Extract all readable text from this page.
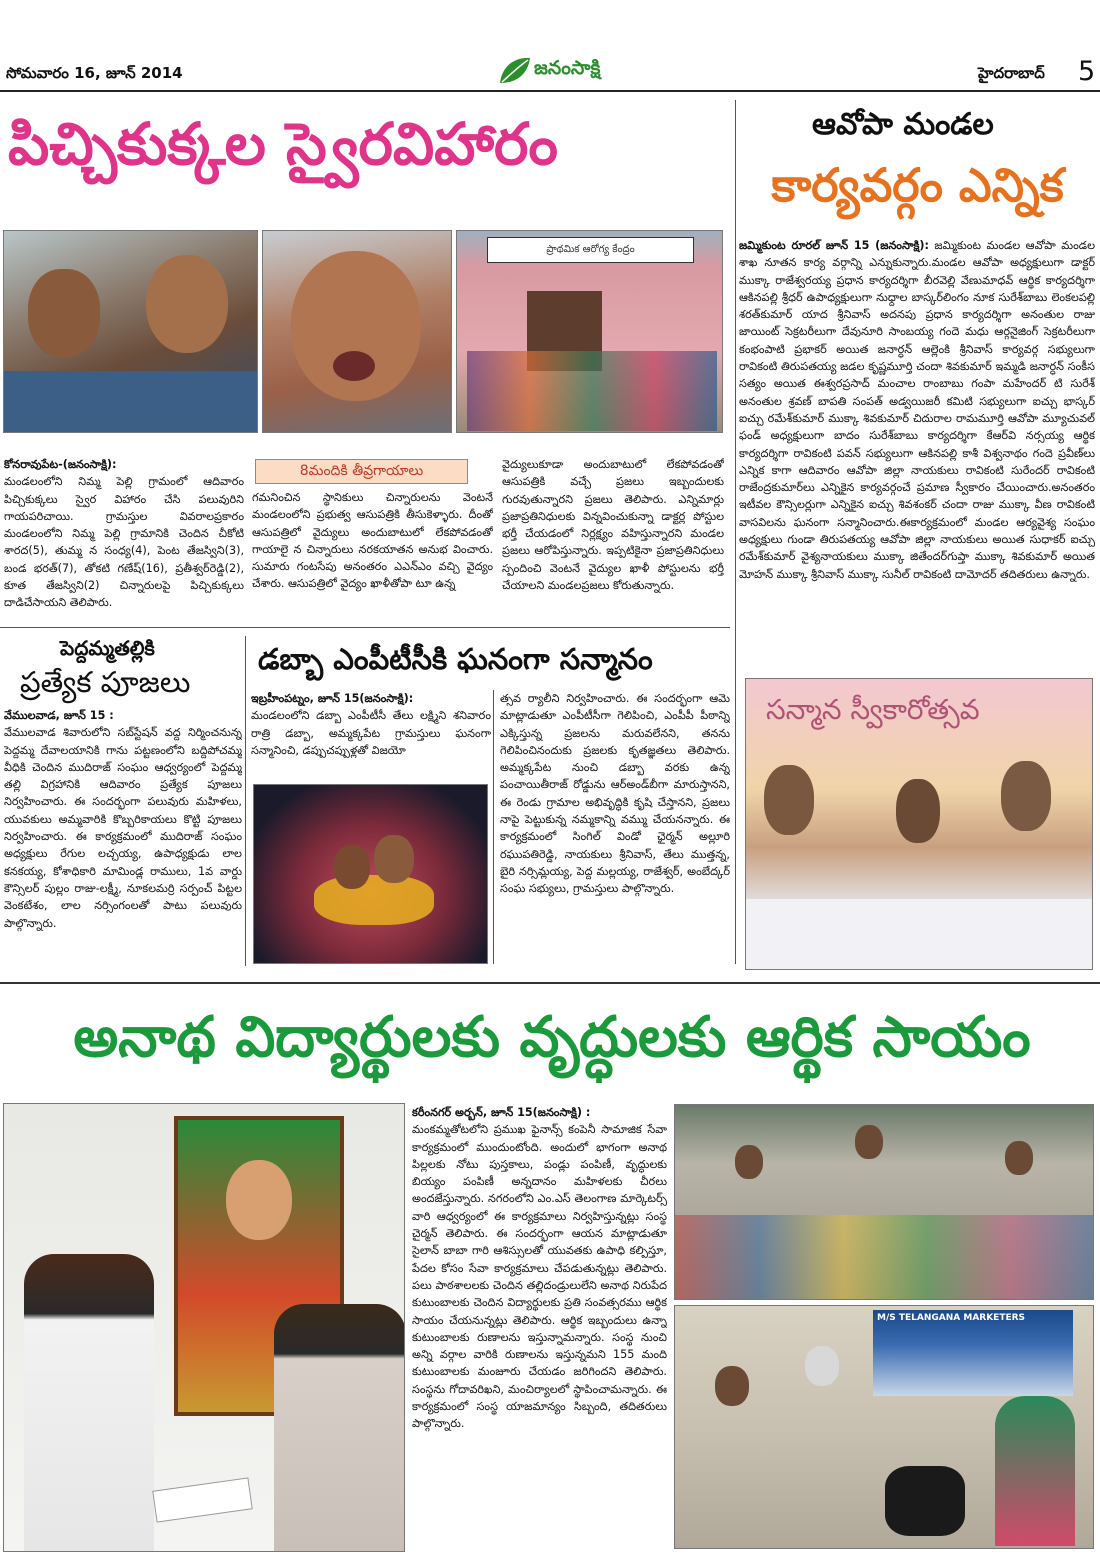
సోమవారం 16, జూన్ 2014	జనంసాక్షి	హైదరాబాద్ 5
పిచ్చికుక్కల స్వైరవిహారం
ప్రాథమిక ఆరోగ్య కేంద్రం
8మందికి తీవ్రగాయాలు

కోనరావుపేట-(జనంసాక్షి):

మండలంలోని నిమ్మ పెల్లి గ్రామంలో ఆదివారం పిచ్చికుక్కలు స్వైర విహారం చేసి పలువురిని గాయపరిచాయి. గ్రామస్తుల వివరాలప్రకారం మండలంలోని నిమ్మ పెల్లి గ్రామానికి చెందిన చీకోటి శారద(5), తుమ్మ న సంధ్య(4), పెంట తేజస్విని(3), బండ భరత్(7), తోకటి గణేష్(16), ప్రతీశ్వర్‌రెడ్డి(2), కూత తేజస్విని(2) చిన్నారులపై పిచ్చికుక్కలు దాడిచేసాయని తెలిపారు.

గమనించిన స్థానికులు చిన్నారులను వెంటనే మండలంలోని ప్రభుత్వ ఆసుపత్రికి తీసుకెళ్ళారు. దీంతో ఆసుపత్రిలో వైద్యులు అందుబాటులో లేకపోవడంతో గాయాలై న చిన్నారులు నరకయాతన అనుభ వించారు. సుమారు గంటసేపు అనంతరం ఎఎన్ఎం వచ్చి వైద్యం చేశారు. ఆసుపత్రిలో వైద్యం ఖాళీతోపా టూ ఉన్న

వైద్యులుకూడా అందుబాటులో లేకపోవడంతో ఆసుపత్రికి వచ్చే ప్రజలు ఇబ్బందులకు గురవుతున్నారని ప్రజలు తెలిపారు. ఎన్నిమార్లు ప్రజాప్రతినిధులకు విన్నవించుకున్నా డాక్టర్ల పోస్టుల భర్తీ చేయడంలో నిర్లక్ష్యం వహిస్తున్నారని మండల ప్రజలు ఆరోపిస్తున్నారు. ఇప్పటికైనా ప్రజాప్రతినిధులు స్పందించి వెంటనే వైద్యుల ఖాళీ పోస్టులను భర్తీ చేయాలని మండలప్రజలు కోరుతున్నారు.

ఆవోపా మండల
కార్యవర్గం ఎన్నిక

జమ్మికుంట రూరల్ జూన్ 15 (జనంసాక్షి): జమ్మికుంట మండల ఆవోపా మండల శాఖ నూతన కార్య వర్గాన్ని ఎన్నుకున్నారు.మండల ఆవోపా అధ్యక్షులుగా డాక్టర్ ముక్కా రాజేశ్వరయ్య ప్రధాన కార్యదర్శిగా బీరవెల్లి వేణుమాధవ్ ఆర్థిక కార్యదర్శిగా ఆకినపల్లి శ్రీధర్ ఉపాధ్యక్షులుగా నుధ్దాల బాస్కర్‌లింగం నూక సురేశ్‌బాబు లెంకలపల్లి శరత్‌కుమార్ యాద శ్రీనివాస్ అదనపు ప్రధాన కార్యదర్శిగా అనంతుల రాజు జాయింట్ సెక్రటరీలుగా దేవునూరి సాంబయ్య గందె మధు ఆర్గనైజింగ్ సెక్రటరీలుగా కంభంపాటి ప్రభాకర్ అయిత జనార్ధన్ ఆల్లెంకి శ్రీనివాస్ కార్యవర్గ సభ్యులుగా రావికంటి తిరుపతయ్య జడల కృష్ణమూర్తి చందా శివకుమార్ ఇమ్మడి జనార్ధన్ సంకీస సత్యం అయిత ఈశ్వరప్రసాద్ మంచాల రాంబాబు గంపా మహేందర్ టి సురేశ్ అనంతుల శ్రవణ్ బాపతి సంపత్ అడ్వయిజరీ కమిటి సభ్యులుగా ఐచ్చు భాస్కర్ ఐచ్చు రమేశ్‌కుమార్ ముక్కా శివకుమార్ చిదురాల రామమూర్తి ఆవోపా మ్యూచువల్ ఫండ్ అధ్యక్షులుగా బాదం సురేశ్‌బాబు కార్యదర్శిగా కేఆర్‌వి నర్సయ్య ఆర్థిక కార్యదర్శిగా రావికంటి పవన్ సభ్యులుగా ఆకినపల్లి కాశీ విశ్వనాథం గందె ప్రవీణ్‌లు ఎన్నిక కాగా ఆదివారం ఆవోపా జిల్లా నాయకులు రావికంటి సురేందర్ రావికంటి రాజేంద్రకుమార్‌లు ఎన్నికైన కార్యవర్గంచే ప్రమాణ స్వీకారం చేయించారు.అనంతరం ఇటీవల కౌన్సిలర్లుగా ఎన్నికైన ఐచ్చు శివశంకర్ చందా రాజు ముక్కా వీణ రావికంటి వాసవిలను ఘనంగా సన్మానించారు.ఈకార్యక్రమంలో మండల ఆర్యవైశ్య సంఘం అధ్యక్షులు గుండా తిరుపతయ్య ఆవోపా జిల్లా నాయకులు అయిత సుధాకర్ ఐచ్చు రమేశ్‌కుమార్ వైశ్యనాయకులు ముక్కా జితేందర్‌గుప్తా ముక్కా శివకుమార్ అయిత మోహన్ ముక్కా శ్రీనివాస్ ముక్కా సునీల్ రావికంటి దామోదర్ తదితరులు ఉన్నారు.

సన్మాన స్వీకారోత్సవ
పెద్దమ్మతల్లికి
ప్రత్యేక పూజలు

వేములవాడ, జూన్ 15 :

వేములవాడ శివారులోని సబ్‌స్టేషన్ వద్ద నిర్మించనున్న పెద్దమ్మ దేవాలయానికి గాను పట్టణంలోని బద్దిపోచమ్మ వీధికి చెందిన ముదిరాజ్ సంఘం ఆధ్వర్యంలో పెద్దమ్మ తల్లి విగ్రహానికి ఆదివారం ప్రత్యేక పూజలు నిర్వహించారు. ఈ సందర్భంగా పలువురు మహిళలు, యువకులు అమ్మవారికి కొబ్బరికాయలు కొట్టి పూజలు నిర్వహించారు. ఈ కార్యక్రమంలో ముదిరాజ్ సంఘం అధ్యక్షులు రేగుల లచ్చయ్య, ఉపాధ్యక్షుడు లాల కనకయ్య, కోశాధికారి మామిండ్ల రాములు, 1వ వార్డు కౌన్సిలర్ పుల్లం రాజు-లక్ష్మీ, నూకలమర్రి సర్పంచ్ పిట్టల వెంకటేశం, లాల నర్సింగంలతో పాటు పలువురు పాల్గొన్నారు.

డబ్బా ఎంపీటీసీకి ఘనంగా సన్మానం

ఇబ్రహీంపట్నం, జూన్ 15(జనంసాక్షి):

మండలంలోని డబ్బా ఎంపీటీసీ తేలు లక్ష్మిని శనివారం రాత్రి డబ్బా, అమ్మక్కపేట గ్రామస్తులు ఘనంగా సన్మానించి, డప్పుచప్పుళ్లతో విజయో

త్సవ ర్యాలీని నిర్వహించారు. ఈ సందర్భంగా ఆమె మాట్లాడుతూ ఎంపీటీసీగా గెలిపించి, ఎంపీపీ పీఠాన్ని ఎక్కిస్తున్న ప్రజలను మరువలేనని, తనను గెలిపించినందుకు ప్రజలకు కృతజ్ఞతలు తెలిపారు. అమ్మక్కపేట నుంచి డబ్బా వరకు ఉన్న పంచాయితీరాజ్ రోడ్డును ఆర్‌అండ్‌బీగా మారుస్తానని, ఈ రెండు గ్రామాల అభివృద్ధికి కృషి చేస్తానని, ప్రజలు నాపై పెట్టుకున్న నమ్మకాన్ని వమ్ము చేయనన్నారు. ఈ కార్యక్రమంలో సింగిల్ విండో ఛైర్మన్ అల్లూరి రఘుపతిరెడ్డి, నాయకులు శ్రీనివాస్, తేలు ముత్తన్న, బైరి నర్సిమ్లయ్య, పెద్ద మల్లయ్య, రాజేశ్వర్, అంబేద్కర్ సంఘ సభ్యులు, గ్రామస్తులు పాల్గొన్నారు.

అనాథ విద్యార్థులకు వృద్ధులకు ఆర్థిక సాయం

కరీంనగర్ అర్బన్, జూన్ 15(జనంసాక్షి) :

మంకమ్మతోటలోని ప్రముఖ ఫైనాన్స్ కంపెనీ సామాజిక సేవా కార్యక్రమంలో ముందుంటోంది. అందులో భాగంగా అనాథ పిల్లలకు నోటు పుస్తకాలు, పండ్లు పంపిణీ, వృద్ధులకు బియ్యం పంపిణీ అన్నదానం మహిళలకు చీరలు అందజేస్తున్నారు. నగరంలోని ఎం.ఎస్ తెలంగాణ మార్కెటర్స్ వారి ఆధ్వర్యంలో ఈ కార్యక్రమాలు నిర్వహిస్తున్నట్లు సంస్థ చైర్మన్ తెలిపారు. ఈ సందర్భంగా ఆయన మాట్లాడుతూ సైలాన్ బాబా గారి ఆశిస్సులతో యువతకు ఉపాధి కల్పిస్తూ, పేదల కోసం సేవా కార్యక్రమాలు చేపడుతున్నట్లు తెలిపారు. పలు పాఠశాలలకు చెందిన తల్లిదండ్రులులేని అనాథ నిరుపేద కుటుంబాలకు చెందిన విద్యార్థులకు ప్రతి సంవత్సరము ఆర్థిక సాయం చేయనున్నట్లు తెలిపారు. ఆర్థిక ఇబ్బందులు ఉన్నా కుటుంబాలకు రుణాలను ఇస్తున్నామన్నారు. సంస్థ నుంచి అన్ని వర్గాల వారికి రుణాలను ఇస్తున్నమని 155 మంది కుటుంబాలకు మంజూరు చేయడం జరిగిందని తెలిపారు. సంస్థను గోదావరిఖని, మంచిర్యాలలో స్థాపించామన్నారు. ఈ కార్యక్రమంలో సంస్థ యాజమాన్యం సిబ్బంది, తదితరులు పాల్గొన్నారు.

M/S TELANGANA MARKETERS
